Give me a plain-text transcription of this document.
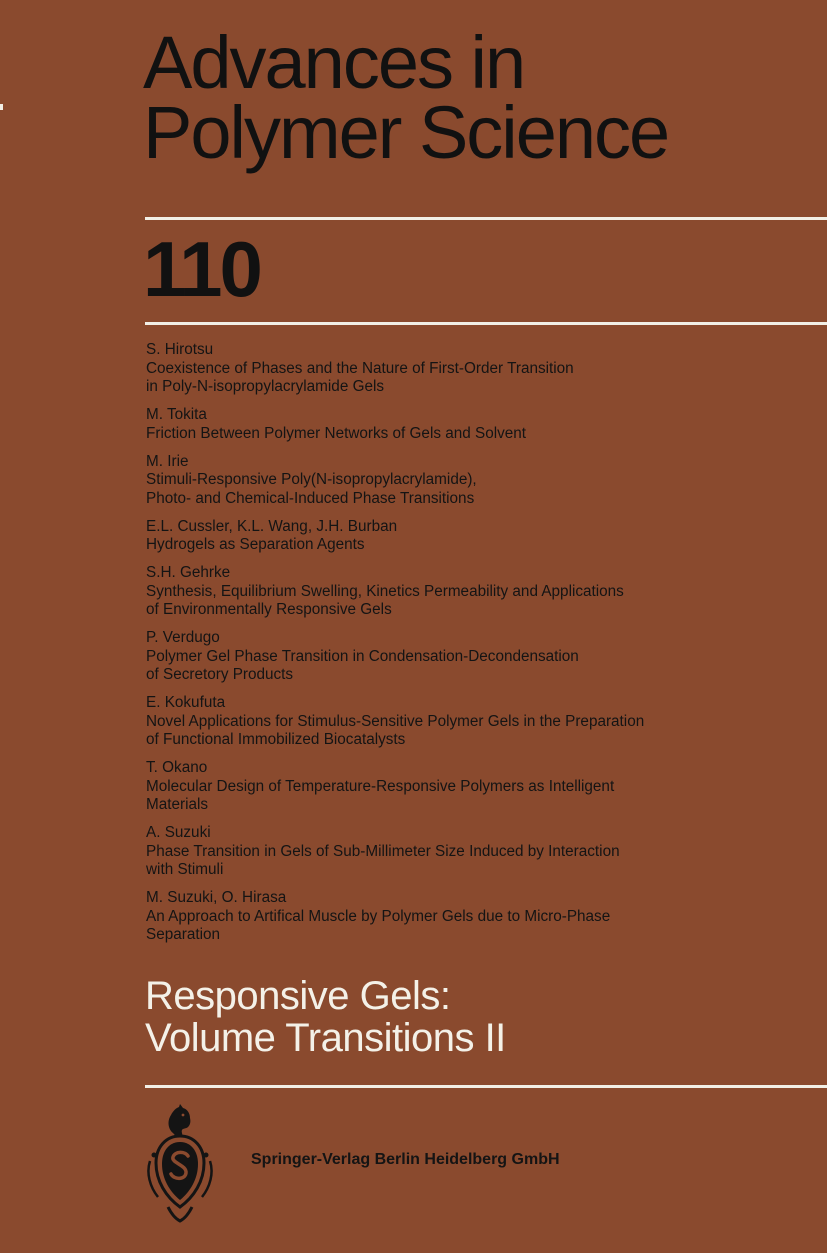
Advances in
Polymer Science
110
S. Hirotsu
Coexistence of Phases and the Nature of First-Order Transition
in Poly-N-isopropylacrylamide Gels
M. Tokita
Friction Between Polymer Networks of Gels and Solvent
M. Irie
Stimuli-Responsive Poly(N-isopropylacrylamide),
Photo- and Chemical-Induced Phase Transitions
E.L. Cussler, K.L. Wang, J.H. Burban
Hydrogels as Separation Agents
S.H. Gehrke
Synthesis, Equilibrium Swelling, Kinetics Permeability and Applications
of Environmentally Responsive Gels
P. Verdugo
Polymer Gel Phase Transition in Condensation-Decondensation
of Secretory Products
E. Kokufuta
Novel Applications for Stimulus-Sensitive Polymer Gels in the Preparation
of Functional Immobilized Biocatalysts
T. Okano
Molecular Design of Temperature-Responsive Polymers as Intelligent
Materials
A. Suzuki
Phase Transition in Gels of Sub-Millimeter Size Induced by Interaction
with Stimuli
M. Suzuki, O. Hirasa
An Approach to Artifical Muscle by Polymer Gels due to Micro-Phase
Separation
Responsive Gels:
Volume Transitions II
Springer-Verlag Berlin Heidelberg GmbH
